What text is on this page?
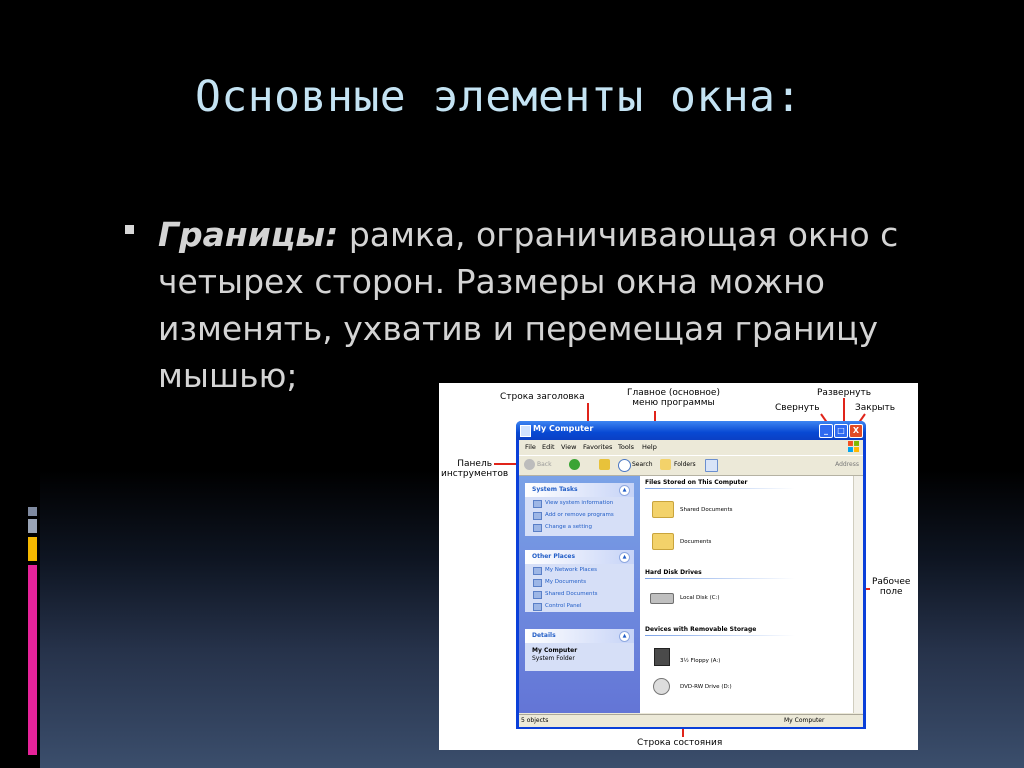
Основные элементы окна:
Границы: рамка, ограничивающая окно с четырех сторон. Размеры окна можно изменять, ухватив и перемещая границу мышью;
Строка заголовка	Главное (основное)
меню программы
Развернуть
Свернуть	Закрыть
Панель
инструментов
Рабочее
поле
Строка состояния
My Computer	_	□	X
File Edit View Favorites Tools Help
Back	Search	Folders	Address
System Tasks	▲
View system information
Add or remove programs
Change a setting
Other Places	▲
My Network Places
My Documents
Shared Documents
Control Panel
Details	▲
My Computer
System Folder
Files Stored on This Computer
Shared Documents
Documents
Hard Disk Drives
Local Disk (C:)
Devices with Removable Storage
3½ Floppy (A:)
DVD-RW Drive (D:)
5 objects	My Computer
